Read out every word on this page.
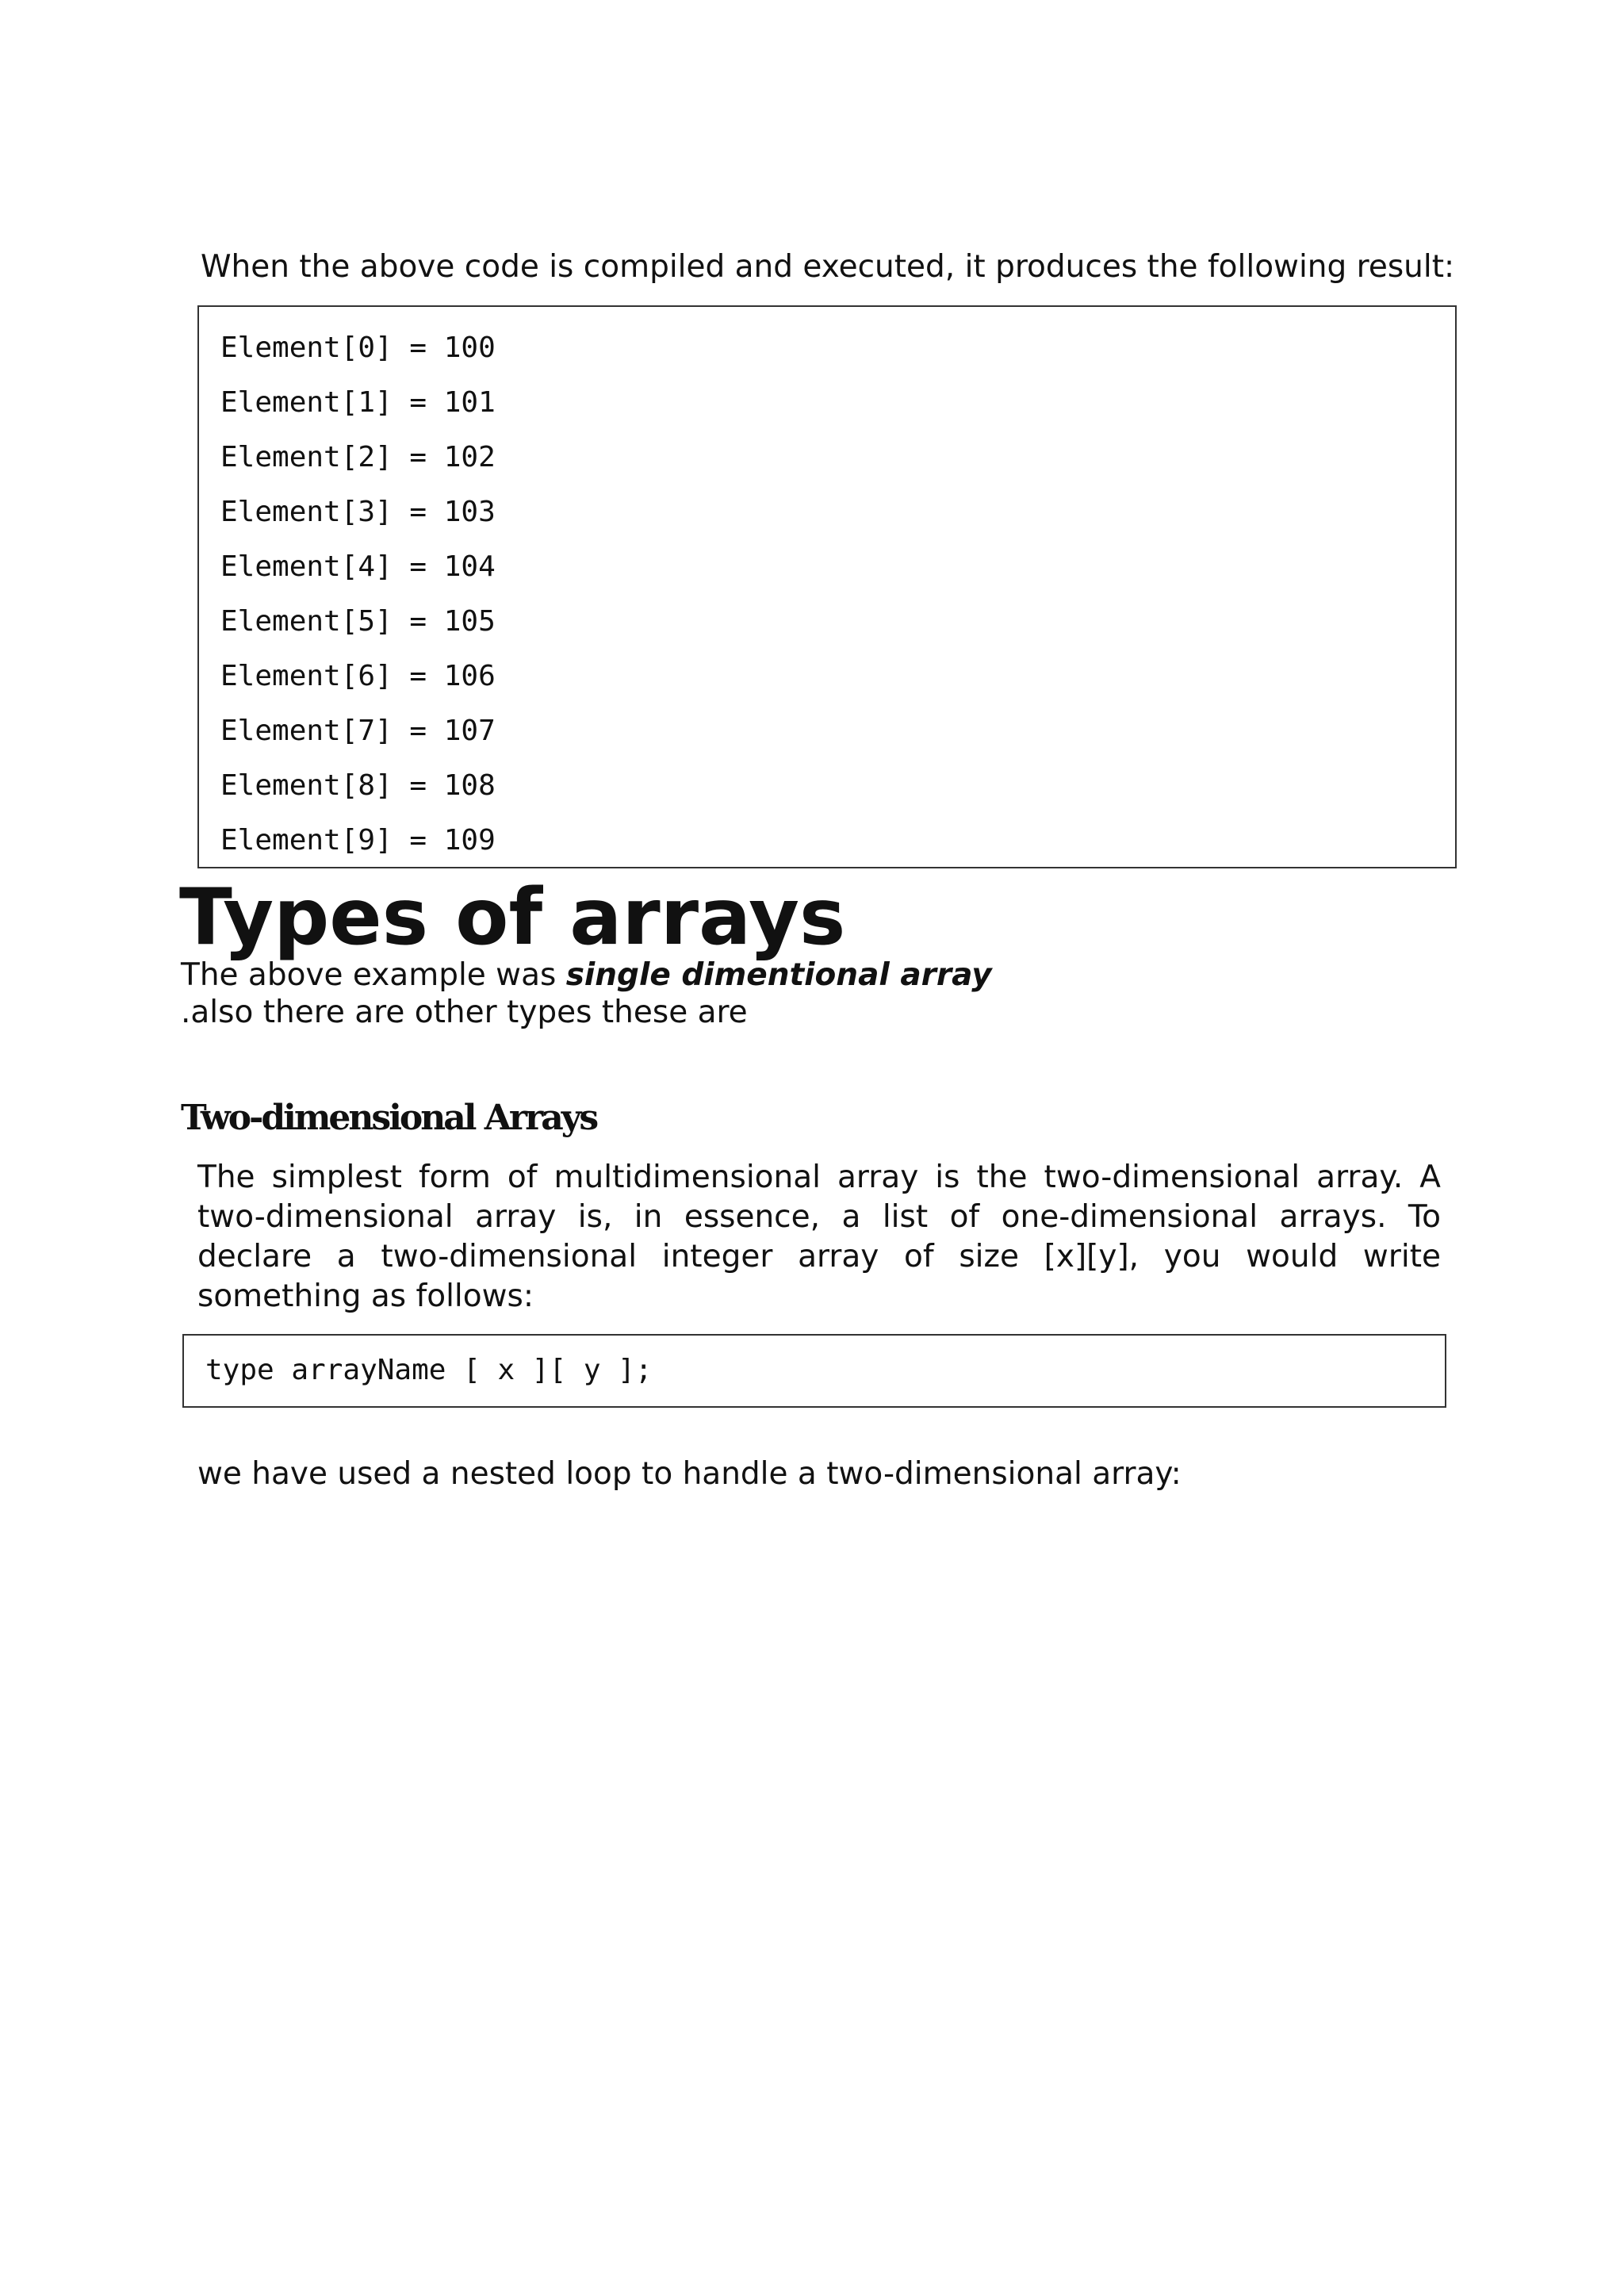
When the above code is compiled and executed, it produces the following result:
Element[0] = 100
Element[1] = 101
Element[2] = 102
Element[3] = 103
Element[4] = 104
Element[5] = 105
Element[6] = 106
Element[7] = 107
Element[8] = 108
Element[9] = 109
Types of arrays
The above example was single dimentional array
.also there are other types these are
Two-dimensional Arrays

The simplest form of multidimensional array is the two-dimensional array. A two-dimensional array is, in essence, a list of one-dimensional arrays. To declare a two-dimensional integer array of size [x][y], you would write something as follows:

type arrayName [ x ][ y ];
we have used a nested loop to handle a two-dimensional array:
